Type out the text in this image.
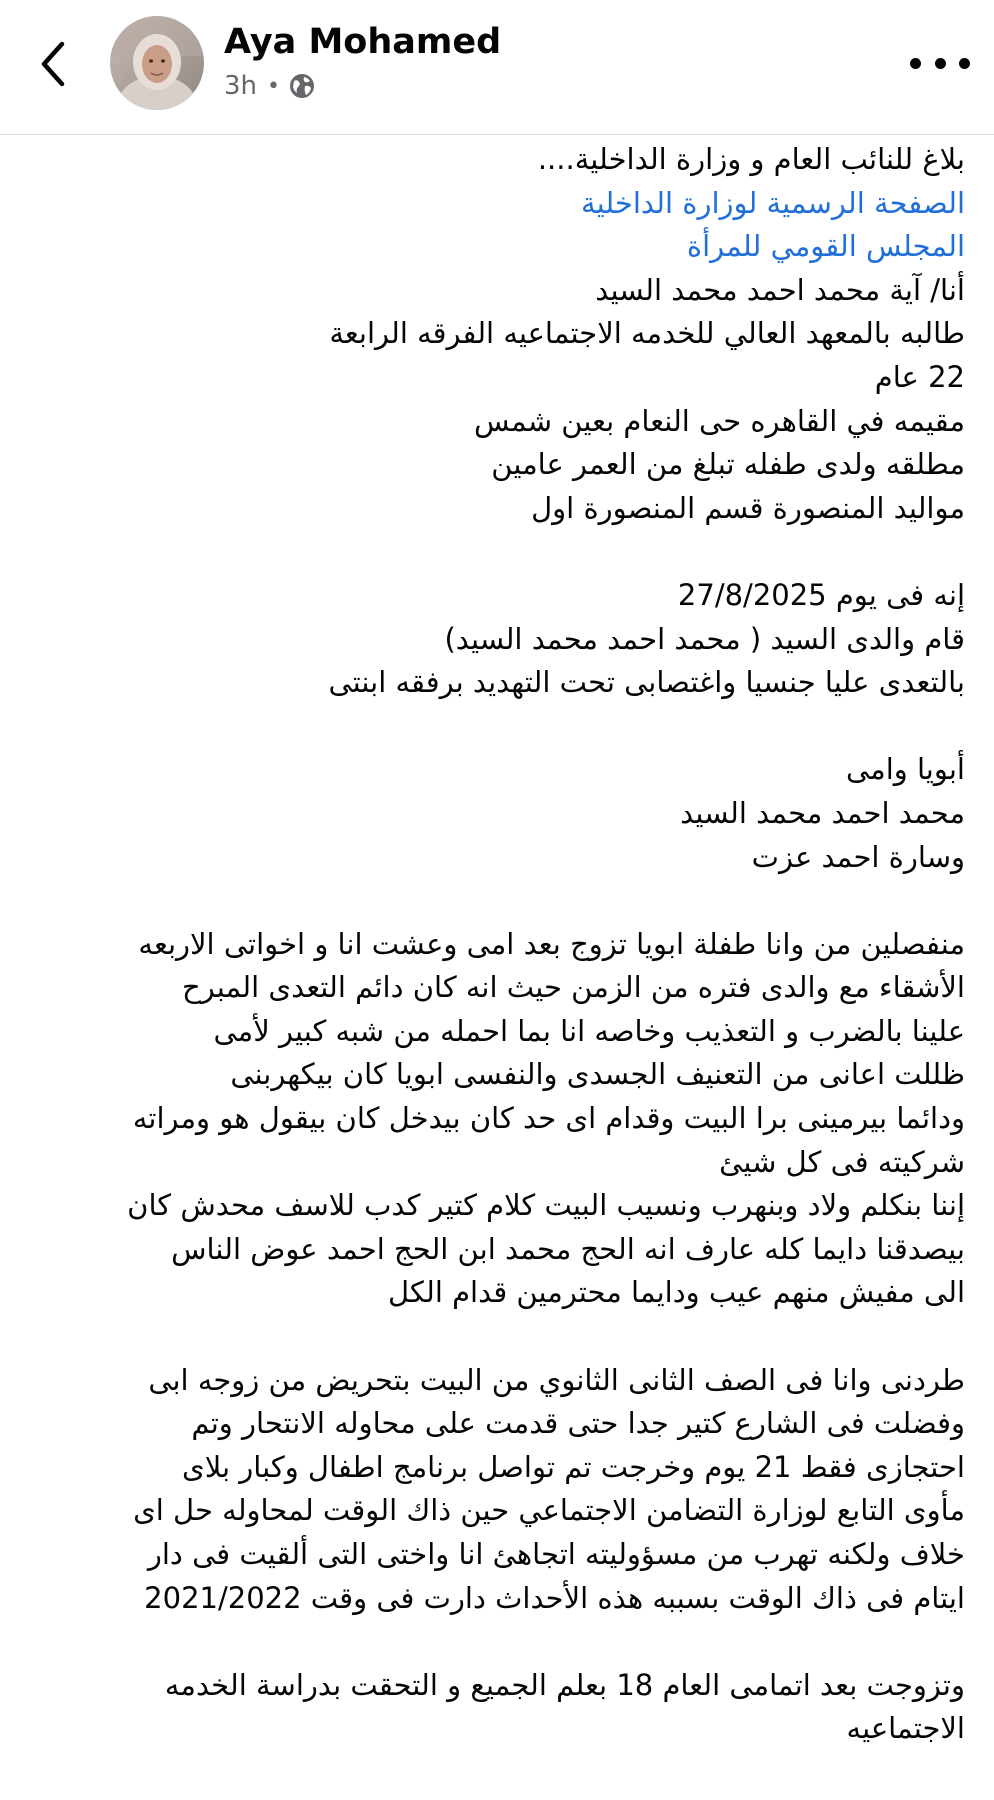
Aya Mohamed
3h •
بلاغ للنائب العام و وزارة الداخلية....
الصفحة الرسمية لوزارة الداخلية
المجلس القومي للمرأة
أنا/ آية محمد احمد محمد السيد
طالبه بالمعهد العالي للخدمه الاجتماعيه الفرقه الرابعة
22 عام
مقيمه في القاهره حى النعام بعين شمس
مطلقه ولدى طفله تبلغ من العمر عامين
مواليد المنصورة قسم المنصورة اول
إنه فى يوم 27/8/2025
قام والدى السيد ( محمد احمد محمد السيد)
بالتعدى عليا جنسيا واغتصابى تحت التهديد برفقه ابنتى
أبويا وامى
محمد احمد محمد السيد
وسارة احمد عزت
منفصلين من وانا طفلة ابويا تزوج بعد امى وعشت انا و اخواتى الاربعه
الأشقاء مع والدى فتره من الزمن حيث انه كان دائم التعدى المبرح
علينا بالضرب و التعذيب وخاصه انا بما احمله من شبه كبير لأمى
ظللت اعانى من التعنيف الجسدى والنفسى ابويا كان بيكهربنى
ودائما بيرمينى برا البيت وقدام اى حد كان بيدخل كان بيقول هو ومراته
شركيته فى كل شيئ
إننا بنكلم ولاد وبنهرب ونسيب البيت كلام كتير كدب للاسف محدش كان
بيصدقنا دايما كله عارف انه الحج محمد ابن الحج احمد عوض الناس
الى مفيش منهم عيب ودايما محترمين قدام الكل
طردنى وانا فى الصف الثانى الثانوي من البيت بتحريض من زوجه ابى
وفضلت فى الشارع كتير جدا حتى قدمت على محاوله الانتحار وتم
احتجازى فقط 21 يوم وخرجت تم تواصل برنامج اطفال وكبار بلاى
مأوى التابع لوزارة التضامن الاجتماعي حين ذاك الوقت لمحاوله حل اى
خلاف ولكنه تهرب من مسؤوليته اتجاهئ انا واختى التى ألقيت فى دار
ايتام فى ذاك الوقت بسببه هذه الأحداث دارت فى وقت 2021/2022
وتزوجت بعد اتمامى العام 18 بعلم الجميع و التحقت بدراسة الخدمه
الاجتماعيه
